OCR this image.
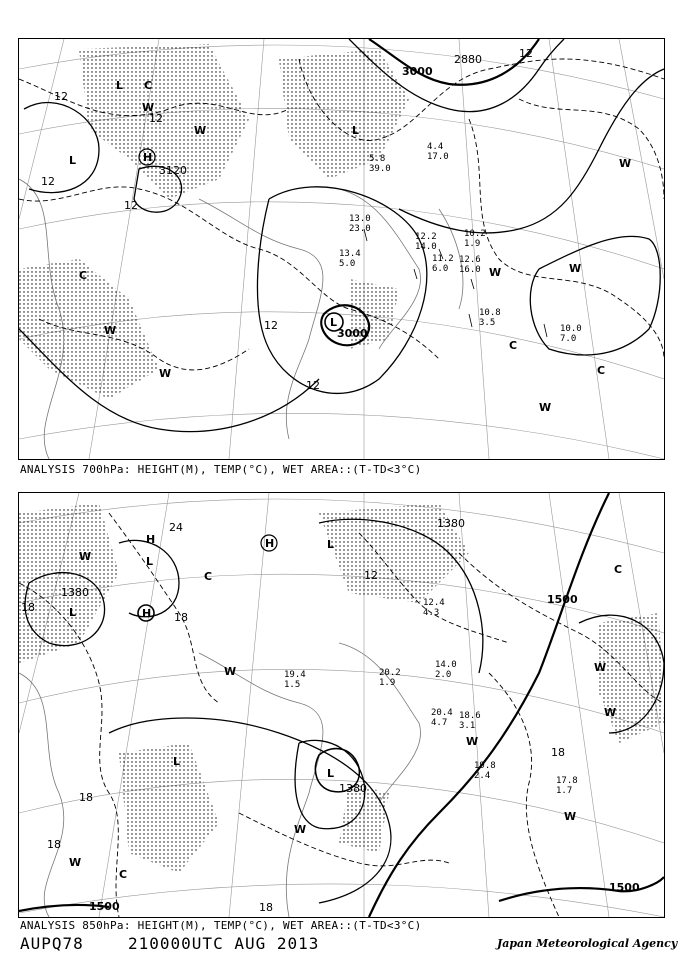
3000
2880
3120
3000
12
12
12
12
12
12
12
L
L
L
H
L
C
C
C
C
W
W
W
W
W	W
W
W
10.8
3.5
10.0
7.0
13.0
23.0
12.6
16.0
4.4
17.0
5.8
39.0
11.2
6.0
13.4
5.0
10.2
1.9
12.2
14.0
ANALYSIS 700hPa: HEIGHT(M), TEMP(°C), WET AREA::(T-TD<3°C)
1380
1380
1380
1500
1500
1500
18
18
18
18
18
18
24
12
H
H
H
L
L
L
L
L
C
C
C
W
W
W
W
W
W
W
W
17.8
1.7
19.8
2.4
18.6
3.1
20.4
4.7
12.4
4.3
14.0
2.0
20.2
1.9
19.4
1.5
ANALYSIS 850hPa: HEIGHT(M), TEMP(°C), WET AREA::(T-TD<3°C)
AUPQ78	210000UTC AUG 2013	Japan Meteorological Agency
